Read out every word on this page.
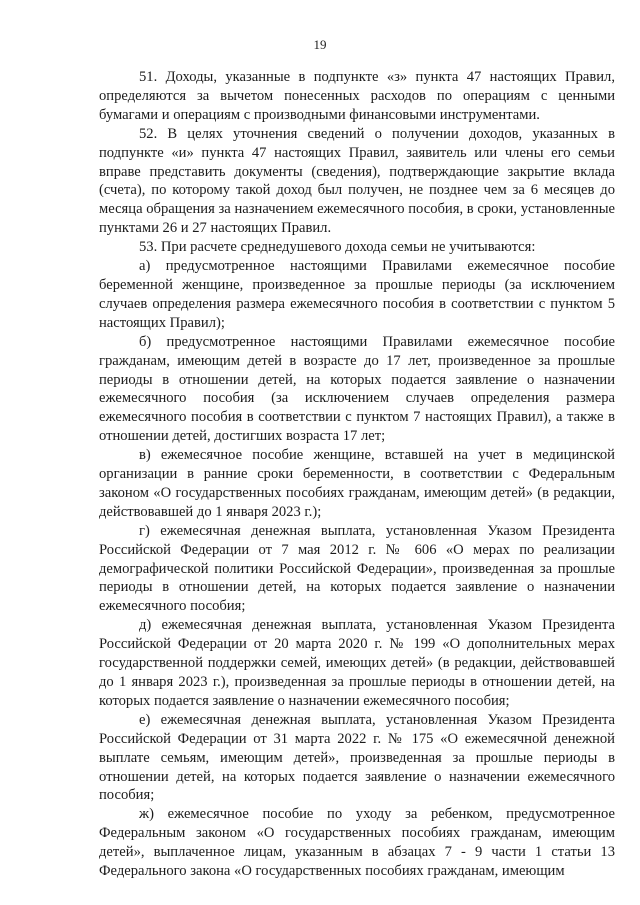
19

51. Доходы, указанные в подпункте «з» пункта 47 настоящих Правил, определяются за вычетом понесенных расходов по операциям с ценными бумагами и операциям с производными финансовыми инструментами.

52. В целях уточнения сведений о получении доходов, указанных в подпункте «и» пункта 47 настоящих Правил, заявитель или члены его семьи вправе представить документы (сведения), подтверждающие закрытие вклада (счета), по которому такой доход был получен, не позднее чем за 6 месяцев до месяца обращения за назначением ежемесячного пособия, в сроки, установленные пунктами 26 и 27 настоящих Правил.

53. При расчете среднедушевого дохода семьи не учитываются:

а) предусмотренное настоящими Правилами ежемесячное пособие беременной женщине, произведенное за прошлые периоды (за исключением случаев определения размера ежемесячного пособия в соответствии с пунктом 5 настоящих Правил);

б) предусмотренное настоящими Правилами ежемесячное пособие гражданам, имеющим детей в возрасте до 17 лет, произведенное за прошлые периоды в отношении детей, на которых подается заявление о назначении ежемесячного пособия (за исключением случаев определения размера ежемесячного пособия в соответствии с пунктом 7 настоящих Правил), а также в отношении детей, достигших возраста 17 лет;

в) ежемесячное пособие женщине, вставшей на учет в медицинской организации в ранние сроки беременности, в соответствии с Федеральным законом «О государственных пособиях гражданам, имеющим детей» (в редакции, действовавшей до 1 января 2023 г.);

г) ежемесячная денежная выплата, установленная Указом Президента Российской Федерации от 7 мая 2012 г. № 606 «О мерах по реализации демографической политики Российской Федерации», произведенная за прошлые периоды в отношении детей, на которых подается заявление о назначении ежемесячного пособия;

д) ежемесячная денежная выплата, установленная Указом Президента Российской Федерации от 20 марта 2020 г. № 199 «О дополнительных мерах государственной поддержки семей, имеющих детей» (в редакции, действовавшей до 1 января 2023 г.), произведенная за прошлые периоды в отношении детей, на которых подается заявление о назначении ежемесячного пособия;

е) ежемесячная денежная выплата, установленная Указом Президента Российской Федерации от 31 марта 2022 г. № 175 «О ежемесячной денежной выплате семьям, имеющим детей», произведенная за прошлые периоды в отношении детей, на которых подается заявление о назначении ежемесячного пособия;

ж) ежемесячное пособие по уходу за ребенком, предусмотренное Федеральным законом «О государственных пособиях гражданам, имеющим детей», выплаченное лицам, указанным в абзацах 7 - 9 части 1 статьи 13 Федерального закона «О государственных пособиях гражданам, имеющим
